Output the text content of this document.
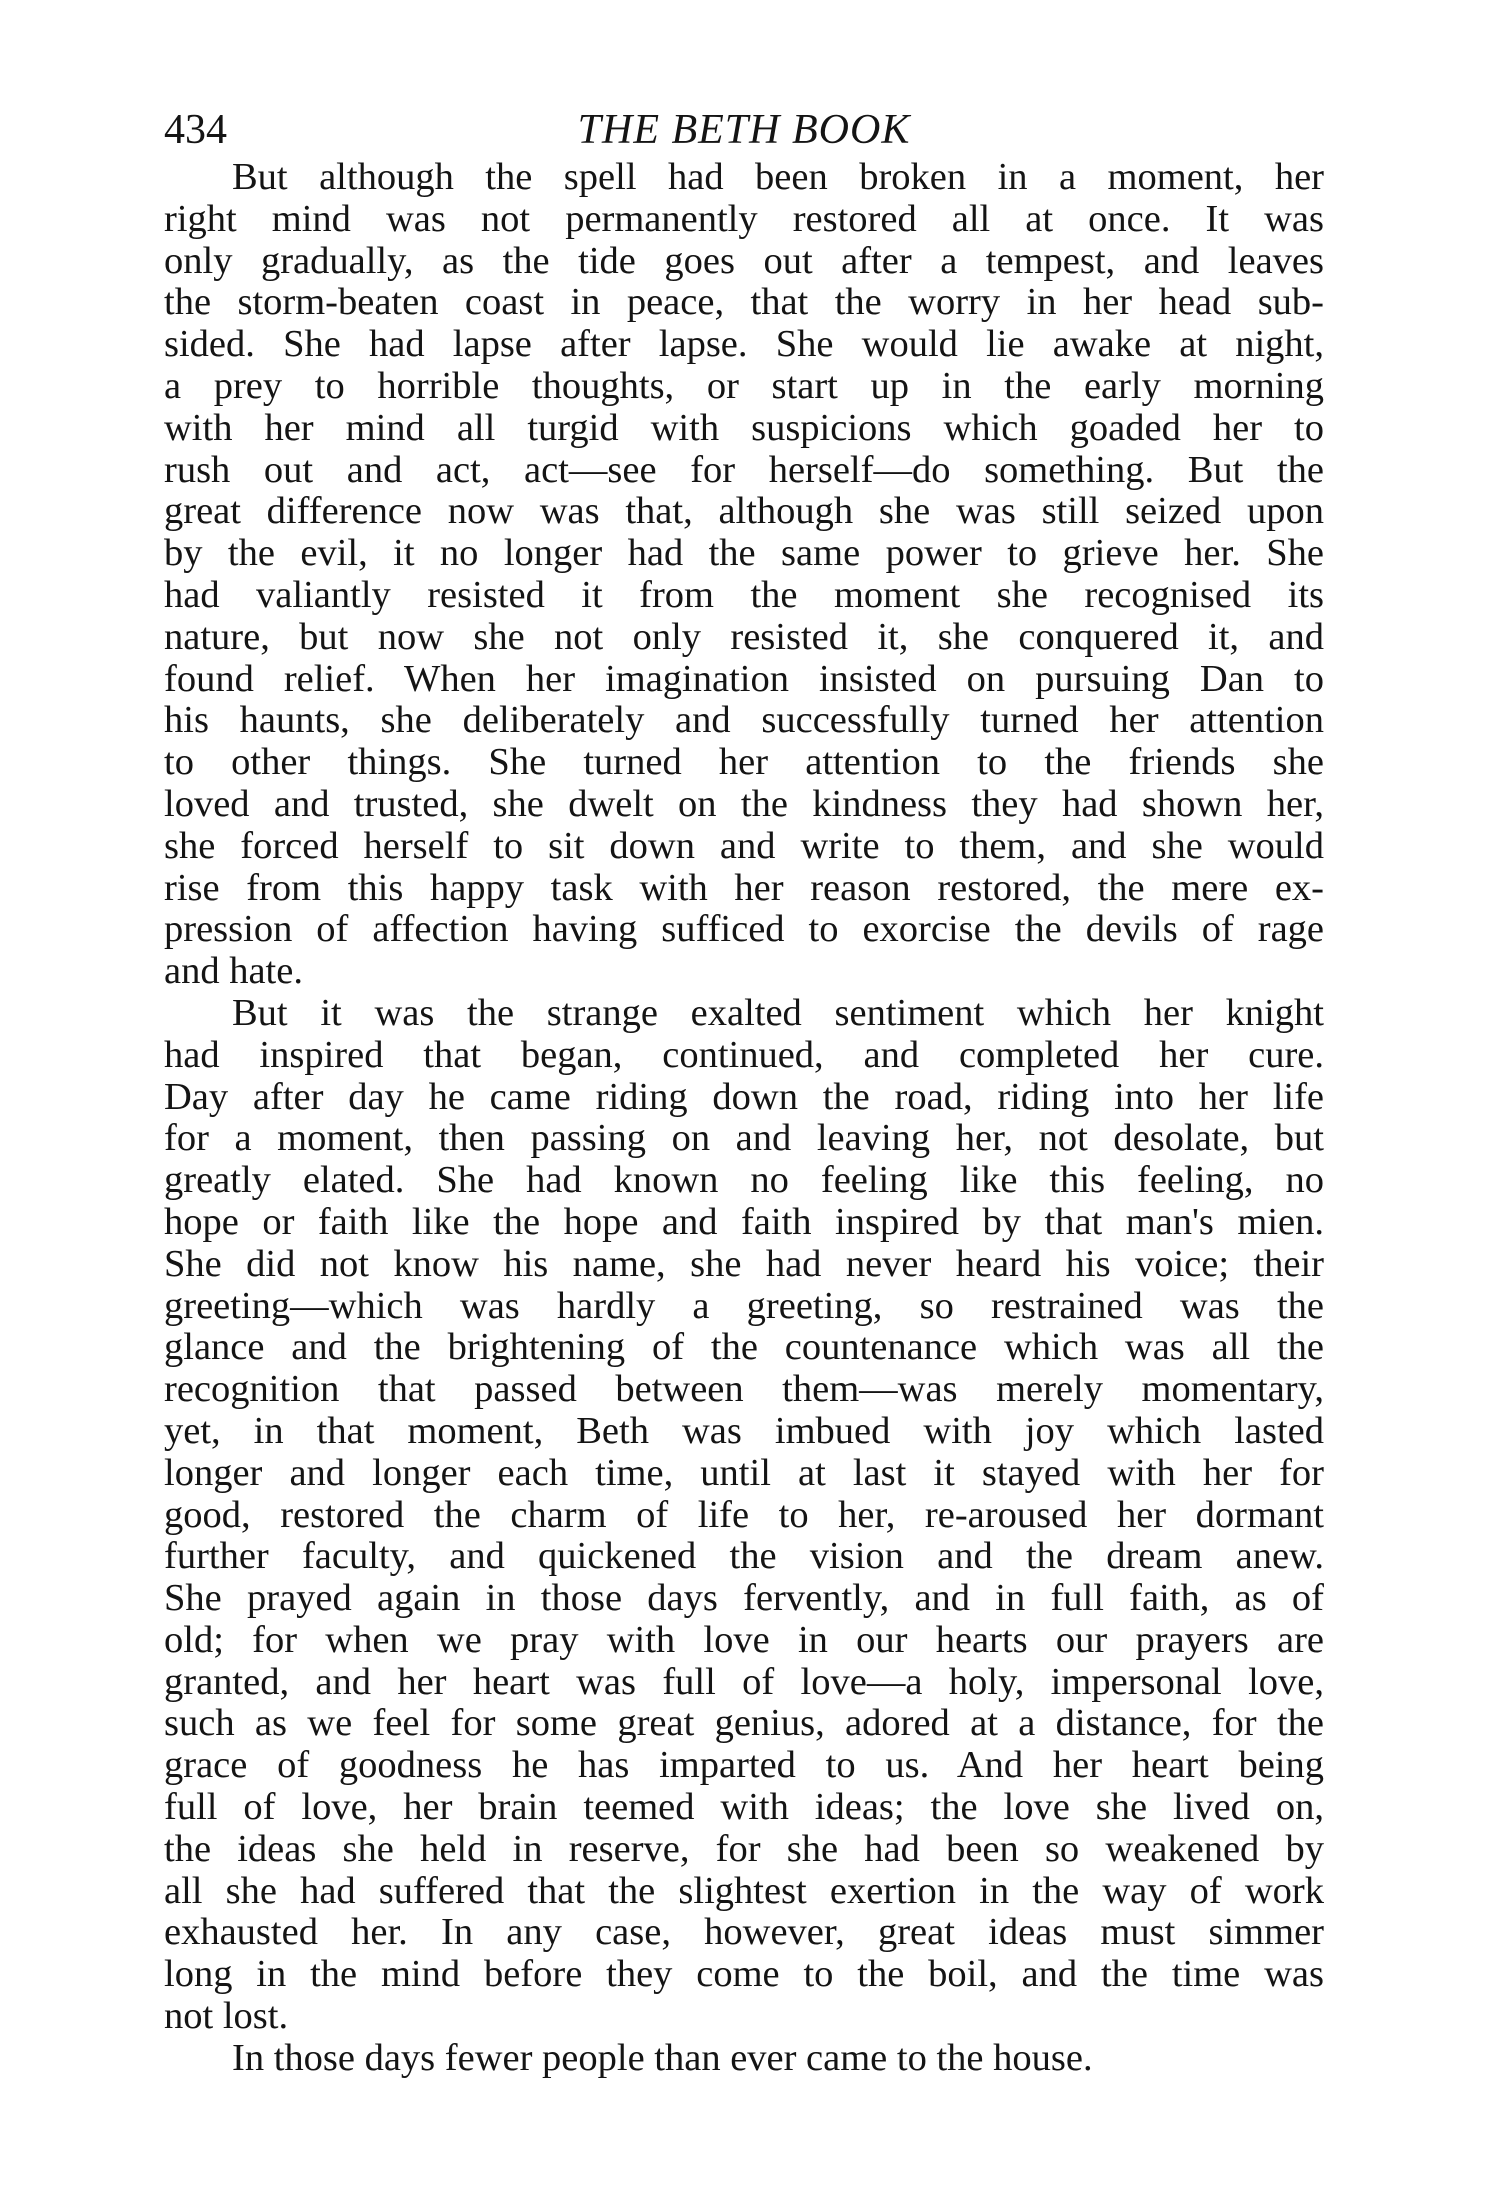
434	THE BETH BOOK
But although the spell had been broken in a moment, her
right mind was not permanently restored all at once. It was
only gradually, as the tide goes out after a tempest, and leaves
the storm-beaten coast in peace, that the worry in her head sub-
sided. She had lapse after lapse. She would lie awake at night,
a prey to horrible thoughts, or start up in the early morning
with her mind all turgid with suspicions which goaded her to
rush out and act, act—see for herself—do something. But the
great difference now was that, although she was still seized upon
by the evil, it no longer had the same power to grieve her. She
had valiantly resisted it from the moment she recognised its
nature, but now she not only resisted it, she conquered it, and
found relief. When her imagination insisted on pursuing Dan to
his haunts, she deliberately and successfully turned her attention
to other things. She turned her attention to the friends she
loved and trusted, she dwelt on the kindness they had shown her,
she forced herself to sit down and write to them, and she would
rise from this happy task with her reason restored, the mere ex-
pression of affection having sufficed to exorcise the devils of rage
and hate.
But it was the strange exalted sentiment which her knight
had inspired that began, continued, and completed her cure.
Day after day he came riding down the road, riding into her life
for a moment, then passing on and leaving her, not desolate, but
greatly elated. She had known no feeling like this feeling, no
hope or faith like the hope and faith inspired by that man's mien.
She did not know his name, she had never heard his voice; their
greeting—which was hardly a greeting, so restrained was the
glance and the brightening of the countenance which was all the
recognition that passed between them—was merely momentary,
yet, in that moment, Beth was imbued with joy which lasted
longer and longer each time, until at last it stayed with her for
good, restored the charm of life to her, re-aroused her dormant
further faculty, and quickened the vision and the dream anew.
She prayed again in those days fervently, and in full faith, as of
old; for when we pray with love in our hearts our prayers are
granted, and her heart was full of love—a holy, impersonal love,
such as we feel for some great genius, adored at a distance, for the
grace of goodness he has imparted to us. And her heart being
full of love, her brain teemed with ideas; the love she lived on,
the ideas she held in reserve, for she had been so weakened by
all she had suffered that the slightest exertion in the way of work
exhausted her. In any case, however, great ideas must simmer
long in the mind before they come to the boil, and the time was
not lost.
In those days fewer people than ever came to the house.
